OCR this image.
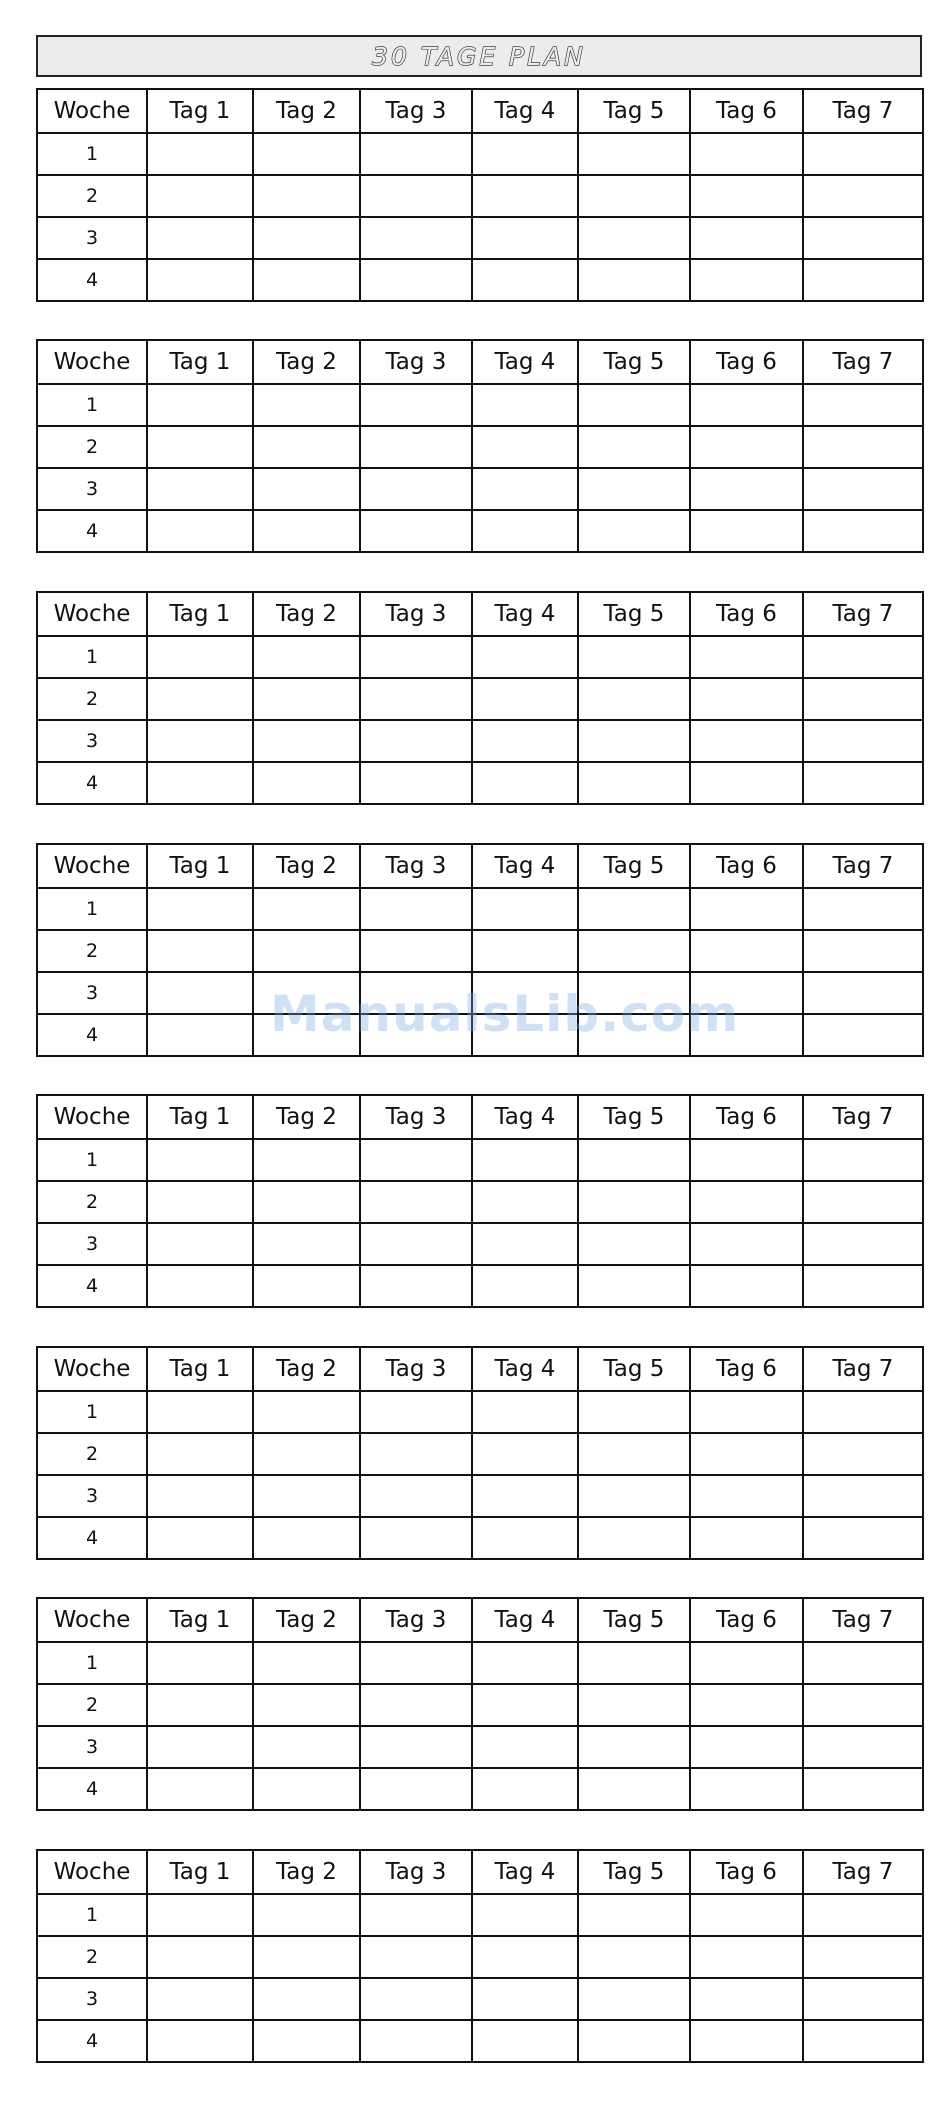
30 TAGE PLAN
Woche	Tag 1	Tag 2	Tag 3	Tag 4	Tag 5	Tag 6	Tag 7
1							
2							
3							
4							
Woche	Tag 1	Tag 2	Tag 3	Tag 4	Tag 5	Tag 6	Tag 7
1							
2							
3							
4							
Woche	Tag 1	Tag 2	Tag 3	Tag 4	Tag 5	Tag 6	Tag 7
1							
2							
3							
4							
Woche	Tag 1	Tag 2	Tag 3	Tag 4	Tag 5	Tag 6	Tag 7
1							
2							
3							
4							
Woche	Tag 1	Tag 2	Tag 3	Tag 4	Tag 5	Tag 6	Tag 7
1							
2							
3							
4							
Woche	Tag 1	Tag 2	Tag 3	Tag 4	Tag 5	Tag 6	Tag 7
1							
2							
3							
4							
Woche	Tag 1	Tag 2	Tag 3	Tag 4	Tag 5	Tag 6	Tag 7
1							
2							
3							
4							
Woche	Tag 1	Tag 2	Tag 3	Tag 4	Tag 5	Tag 6	Tag 7
1							
2							
3							
4							
ManualsLib.com
